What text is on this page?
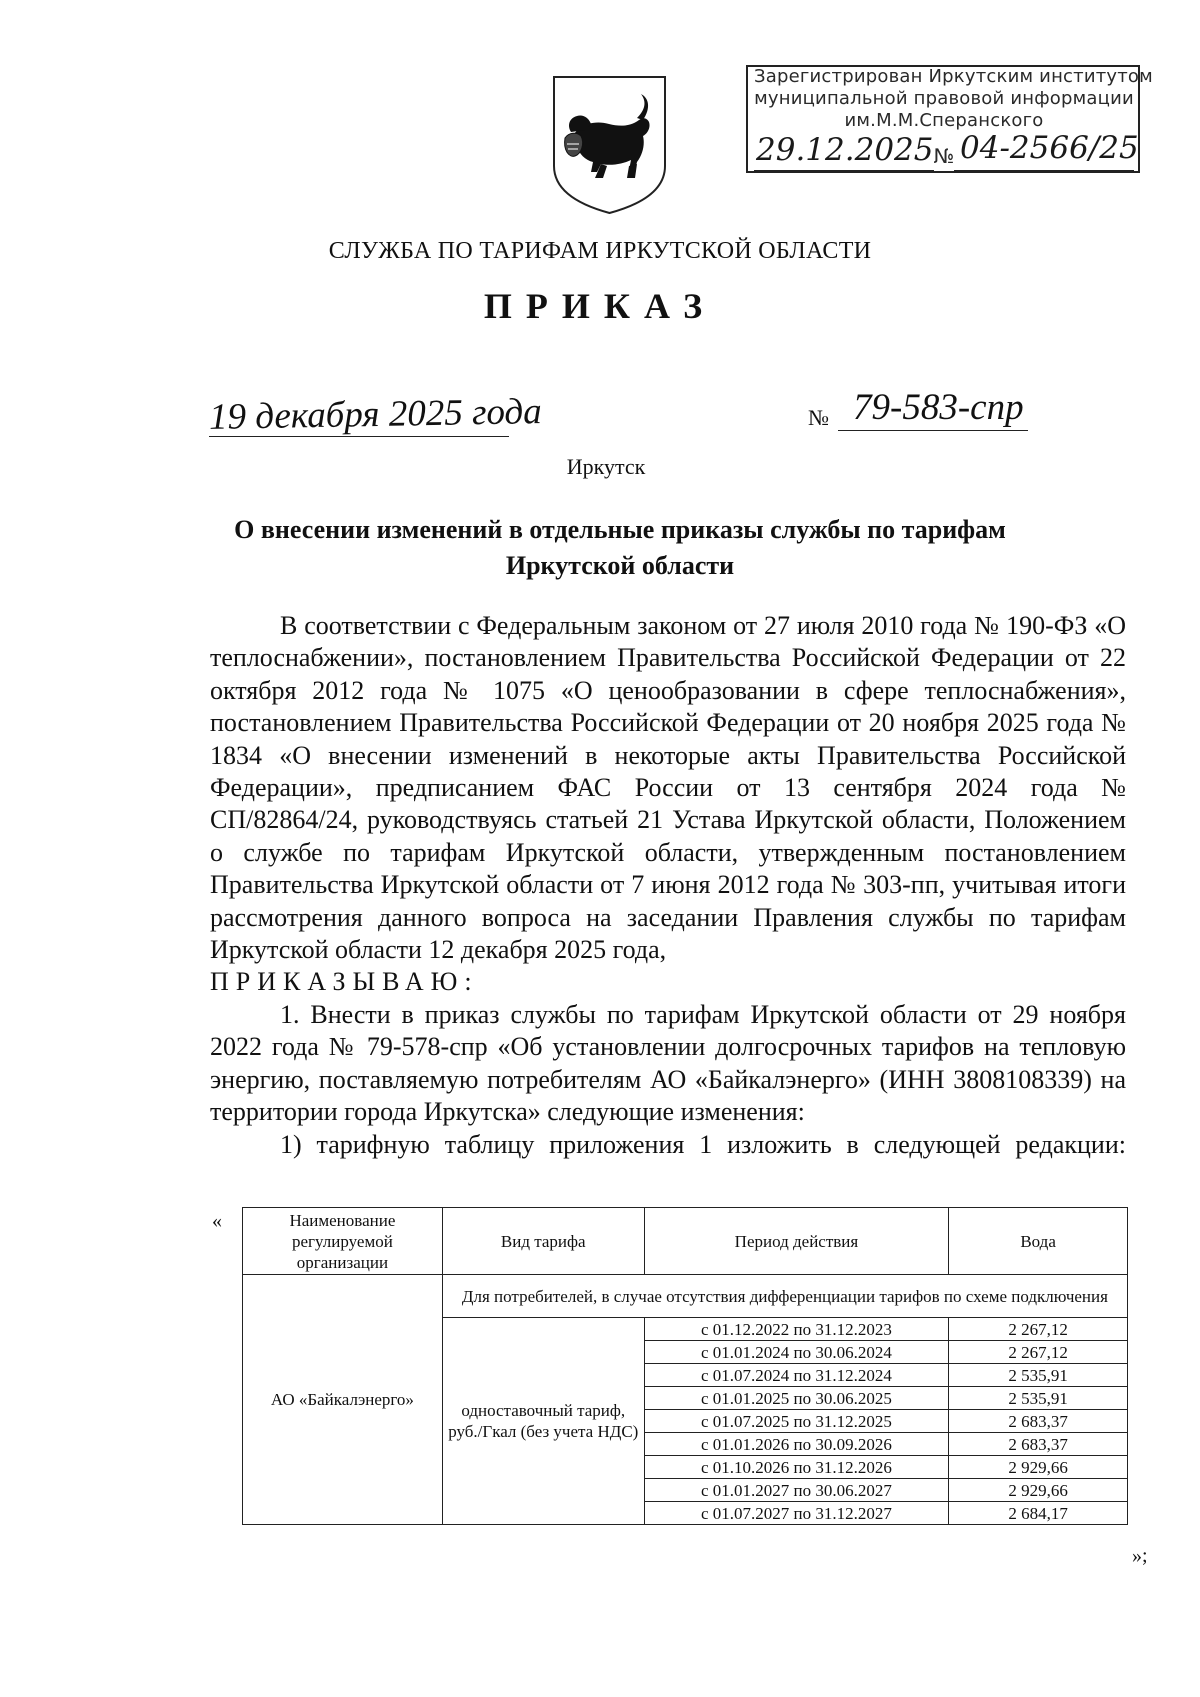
Зарегистрирован Иркутским институтом
муниципальной правовой информации
им.М.М.Сперанского
29.12.2025 № 04-2566/25
СЛУЖБА ПО ТАРИФАМ ИРКУТСКОЙ ОБЛАСТИ
ПРИКАЗ
19 декабря 2025 года	№ 79-583-спр
Иркутск
О внесении изменений в отдельные приказы службы по тарифам
Иркутской области

В соответствии с Федеральным законом от 27 июля 2010 года № 190-ФЗ «О теплоснабжении», постановлением Правительства Российской Федерации от 22 октября 2012 года № 1075 «О ценообразовании в сфере теплоснабжения», постановлением Правительства Российской Федерации от 20 ноября 2025 года № 1834 «О внесении изменений в некоторые акты Правительства Российской Федерации», предписанием ФАС России от 13 сентября 2024 года № СП/82864/24, руководствуясь статьей 21 Устава Иркутской области, Положением о службе по тарифам Иркутской области, утвержденным постановлением Правительства Иркутской области от 7 июня 2012 года № 303-пп, учитывая итоги рассмотрения данного вопроса на заседании Правления службы по тарифам Иркутской области 12 декабря 2025 года,

ПРИКАЗЫВАЮ:

1. Внести в приказ службы по тарифам Иркутской области от 29 ноября 2022 года № 79-578-спр «Об установлении долгосрочных тарифов на тепловую энергию, поставляемую потребителям АО «Байкалэнерго» (ИНН 3808108339) на территории города Иркутска» следующие изменения:

1) тарифную таблицу приложения 1 изложить в следующей редакции:

«
»;
Наименование регулируемой организации	Вид тарифа	Период действия	Вода
АО «Байкалэнерго»	Для потребителей, в случае отсутствия дифференциации тарифов по схеме подключения		
	одноставочный тариф, руб./Гкал (без учета НДС)	с 01.12.2022 по 31.12.2023	2 267,12
		с 01.01.2024 по 30.06.2024	2 267,12
		с 01.07.2024 по 31.12.2024	2 535,91
		с 01.01.2025 по 30.06.2025	2 535,91
		с 01.07.2025 по 31.12.2025	2 683,37
		с 01.01.2026 по 30.09.2026	2 683,37
		с 01.10.2026 по 31.12.2026	2 929,66
		с 01.01.2027 по 30.06.2027	2 929,66
		с 01.07.2027 по 31.12.2027	2 684,17
